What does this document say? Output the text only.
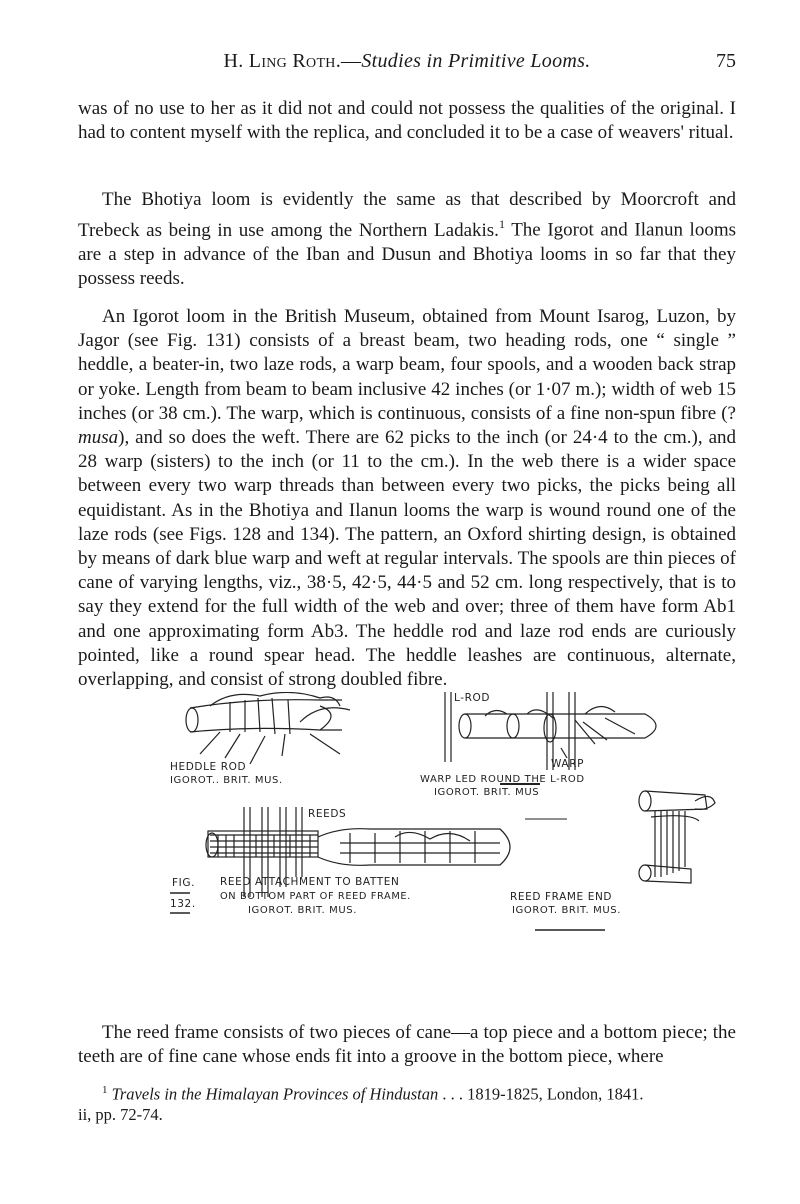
H. Ling Roth.—Studies in Primitive Looms.	75

was of no use to her as it did not and could not possess the qualities of the original. I had to content myself with the replica, and concluded it to be a case of weavers' ritual.

The Bhotiya loom is evidently the same as that described by Moorcroft and Trebeck as being in use among the Northern Ladakis.$^1$ The Igorot and Ilanun looms are a step in advance of the Iban and Dusun and Bhotiya looms in so far that they possess reeds.

An Igorot loom in the British Museum, obtained from Mount Isarog, Luzon, by Jagor (see Fig. 131) consists of a breast beam, two heading rods, one “ single ” heddle, a beater-in, two laze rods, a warp beam, four spools, and a wooden back strap or yoke. Length from beam to beam inclusive 42 inches (or 1·07 m.); width of web 15 inches (or 38 cm.). The warp, which is continuous, consists of a fine non-spun fibre (? musa), and so does the weft. There are 62 picks to the inch (or 24·4 to the cm.), and 28 warp (sisters) to the inch (or 11 to the cm.). In the web there is a wider space between every two warp threads than between every two picks, the picks being all equidistant. As in the Bhotiya and Ilanun looms the warp is wound round one of the laze rods (see Figs. 128 and 134). The pattern, an Oxford shirting design, is obtained by means of dark blue warp and weft at regular intervals. The spools are thin pieces of cane of varying lengths, viz., 38·5, 42·5, 44·5 and 52 cm. long respectively, that is to say they extend for the full width of the web and over; three of them have form Ab1 and one approximating form Ab3. The heddle rod and laze rod ends are curiously pointed, like a round spear head. The heddle leashes are continuous, alternate, overlapping, and consist of strong doubled fibre.

HEDDLE ROD
IGOROT.. BRIT. MUS.
L-ROD
WARP
WARP LED ROUND THE L-ROD
IGOROT. BRIT. MUS
REEDS
FIG.
132.
REED ATTACHMENT TO BATTEN
ON BOTTOM PART OF REED FRAME.
IGOROT. BRIT. MUS.
REED FRAME END
IGOROT. BRIT. MUS.

The reed frame consists of two pieces of cane—a top piece and a bottom piece; the teeth are of fine cane whose ends fit into a groove in the bottom piece, where

$^1$ Travels in the Himalayan Provinces of Hindustan . . . 1819-1825, London, 1841.
ii, pp. 72-74.
